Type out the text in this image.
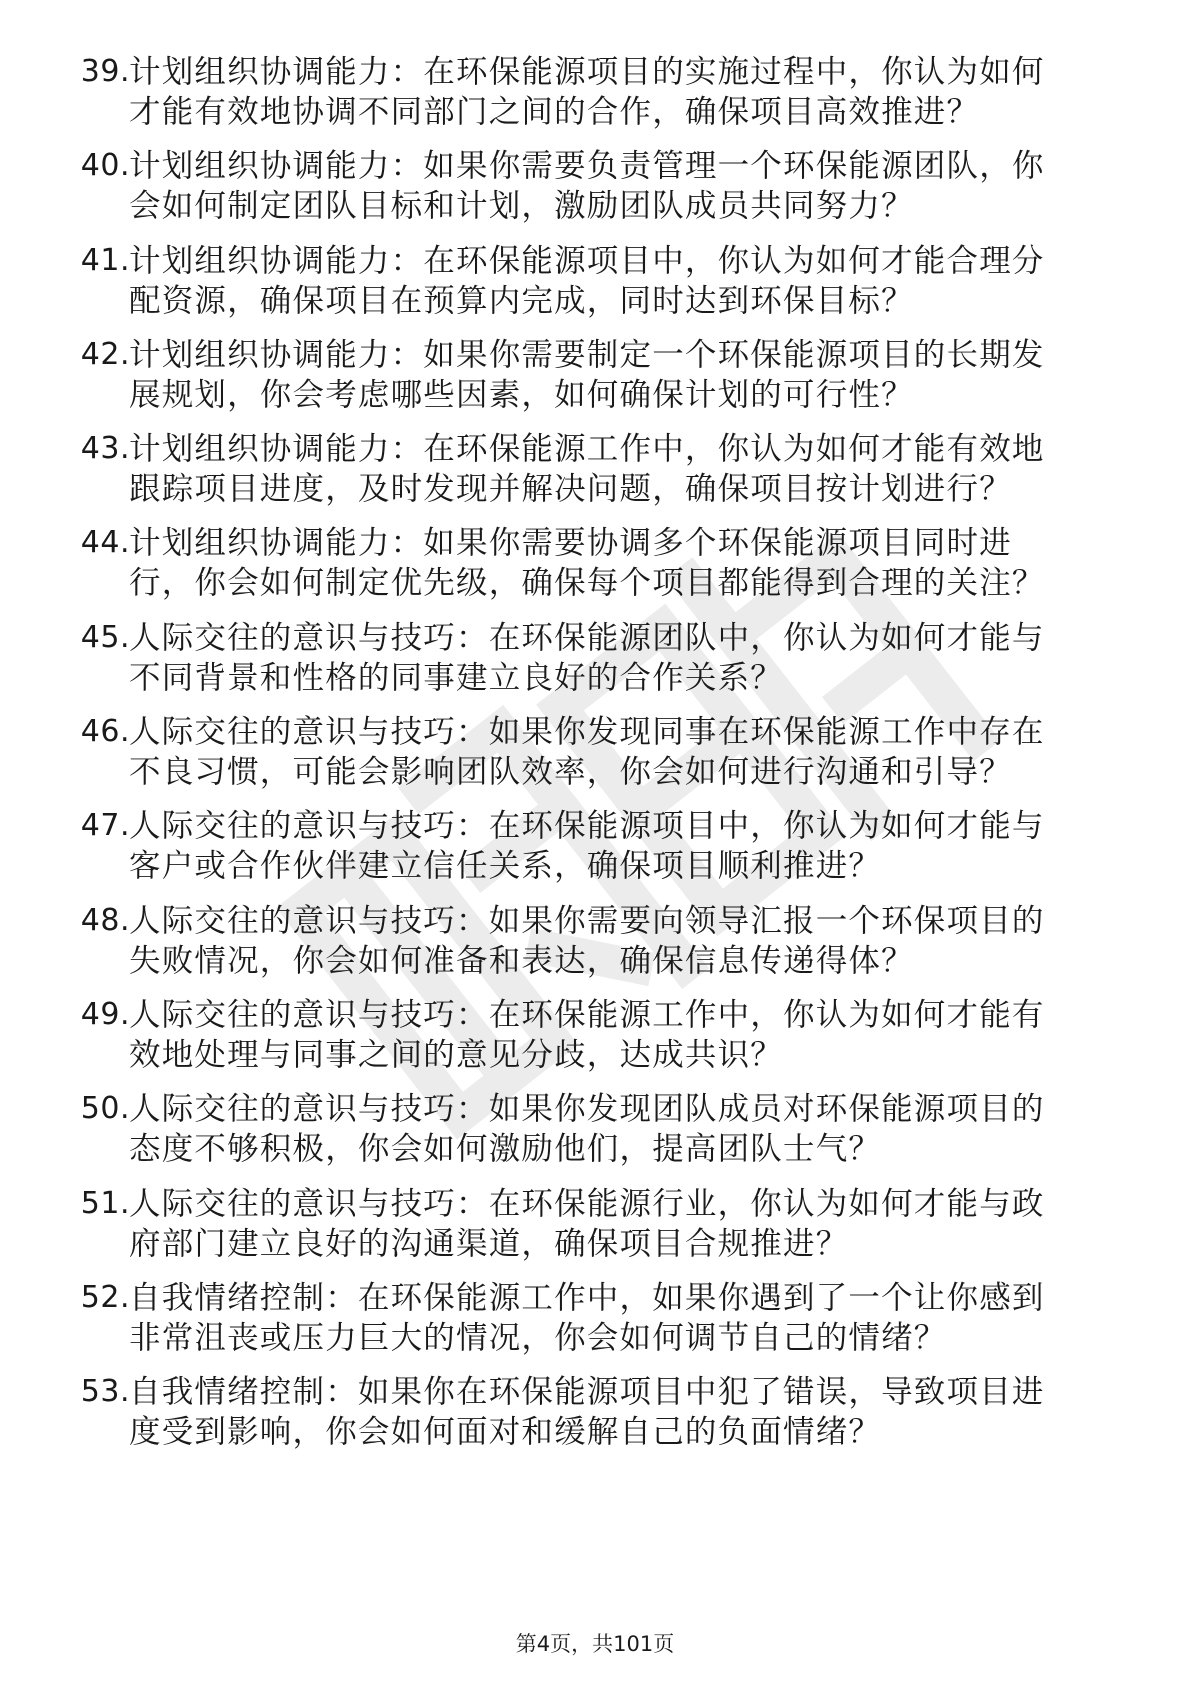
39. 计划组织协调能力：在环保能源项目的实施过程中，你认为如何
才能有效地协调不同部门之间的合作，确保项目高效推进？
40. 计划组织协调能力：如果你需要负责管理一个环保能源团队，你
会如何制定团队目标和计划，激励团队成员共同努力？
41. 计划组织协调能力：在环保能源项目中，你认为如何才能合理分
配资源，确保项目在预算内完成，同时达到环保目标？
42. 计划组织协调能力：如果你需要制定一个环保能源项目的长期发
展规划，你会考虑哪些因素，如何确保计划的可行性？
43. 计划组织协调能力：在环保能源工作中，你认为如何才能有效地
跟踪项目进度，及时发现并解决问题，确保项目按计划进行？
44. 计划组织协调能力：如果你需要协调多个环保能源项目同时进
行，你会如何制定优先级，确保每个项目都能得到合理的关注？
45. 人际交往的意识与技巧：在环保能源团队中，你认为如何才能与
不同背景和性格的同事建立良好的合作关系？
46. 人际交往的意识与技巧：如果你发现同事在环保能源工作中存在
不良习惯，可能会影响团队效率，你会如何进行沟通和引导？
47. 人际交往的意识与技巧：在环保能源项目中，你认为如何才能与
客户或合作伙伴建立信任关系，确保项目顺利推进？
48. 人际交往的意识与技巧：如果你需要向领导汇报一个环保项目的
失败情况，你会如何准备和表达，确保信息传递得体？
49. 人际交往的意识与技巧：在环保能源工作中，你认为如何才能有
效地处理与同事之间的意见分歧，达成共识？
50. 人际交往的意识与技巧：如果你发现团队成员对环保能源项目的
态度不够积极，你会如何激励他们，提高团队士气？
51. 人际交往的意识与技巧：在环保能源行业，你认为如何才能与政
府部门建立良好的沟通渠道，确保项目合规推进？
52. 自我情绪控制：在环保能源工作中，如果你遇到了一个让你感到
非常沮丧或压力巨大的情况，你会如何调节自己的情绪？
53. 自我情绪控制：如果你在环保能源项目中犯了错误，导致项目进
度受到影响，你会如何面对和缓解自己的负面情绪？
第4页，共101页
